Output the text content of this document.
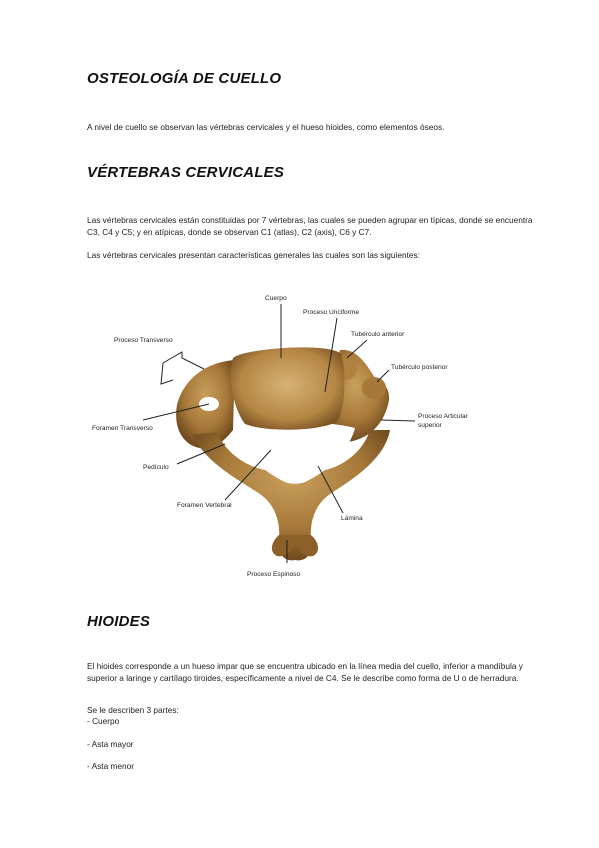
OSTEOLOGÍA DE CUELLO
A nivel de cuello se observan las vértebras cervicales y el hueso hioides, como elementos óseos.
VÉRTEBRAS CERVICALES
Las vértebras cervicales están constituidas por 7 vértebras, las cuales se pueden agrupar en típicas, donde se encuentra C3, C4 y C5; y en atípicas, donde se observan C1 (atlas), C2 (axis), C6 y C7.
Las vértebras cervicales presentan características generales las cuales son las siguientes:
Cuerpo
Proceso Unciforme
Tubérculo anterior
Tubérculo posterior
Proceso Transverso
Proceso Articular
superior
Foramen Transverso
Pedículo
Foramen Vertebral
Lámina
Proceso Espinoso
HIOIDES
El hioides corresponde a un hueso impar que se encuentra ubicado en la línea media del cuello, inferior a mandíbula y superior a laringe y cartílago tiroides, específicamente a nivel de C4. Se le describe como forma de U o de herradura.
Se le describen 3 partes:
- Cuerpo
- Asta mayor
- Asta menor
